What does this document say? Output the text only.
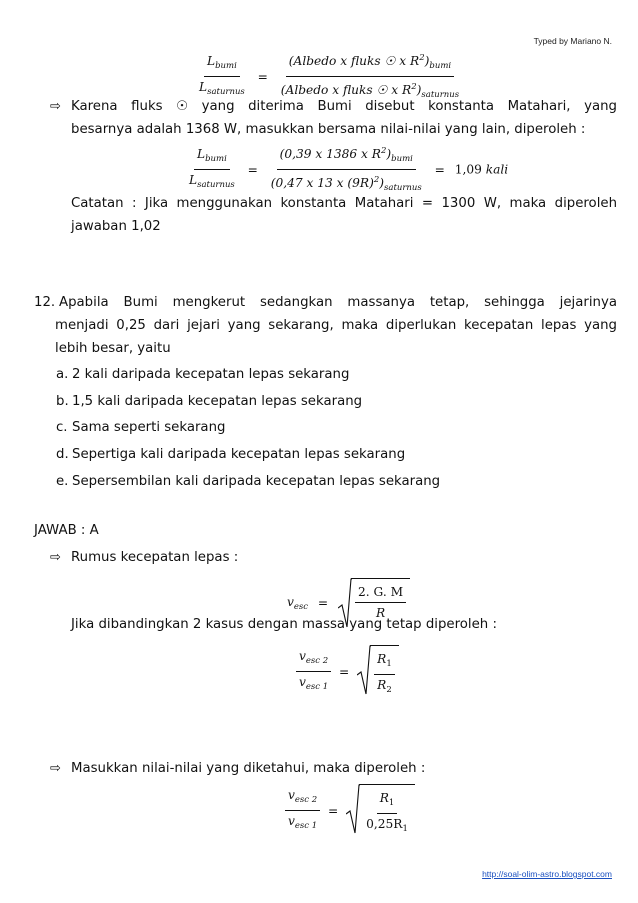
Typed by Mariano N.
http://soal-olim-astro.blogspot.com
$\frac{L_{bumi}}{L_{saturnus}} = \frac{(Albedo x fluks ☉ x R^2)_{bumi}}{(Albedo x fluks ☉ x R^2)_{saturnus}}$
⇨ Karena fluks ☉ yang diterima Bumi disebut konstanta Matahari, yang
besarnya adalah 1368 W, masukkan bersama nilai-nilai yang lain, diperoleh :
$\frac{L_{bumi}}{L_{saturnus}} = \frac{(0,39 x 1386 x R^2)_{bumi}}{(0,47 x 13 x (9R)^2)_{saturnus}} = 1,09$ kali
Catatan : Jika menggunakan konstanta Matahari = 1300 W, maka diperoleh
jawaban 1,02
12. Apabila Bumi mengkerut sedangkan massanya tetap, sehingga jejarinya
menjadi 0,25 dari jejari yang sekarang, maka diperlukan kecepatan lepas yang
lebih besar, yaitu
a. 2 kali daripada kecepatan lepas sekarang
b. 1,5 kali daripada kecepatan lepas sekarang
c. Sama seperti sekarang
d. Sepertiga kali daripada kecepatan lepas sekarang
e. Sepersembilan kali daripada kecepatan lepas sekarang
JAWAB : A
⇨ Rumus kecepatan lepas :
$v_{esc} = \frac{2. G. M}{R}$
Jika dibandingkan 2 kasus dengan massa yang tetap diperoleh :
$\frac{v_{esc 2}}{v_{esc 1}} = \frac{R_1}{R_2}$
⇨ Masukkan nilai-nilai yang diketahui, maka diperoleh :
$\frac{v_{esc 2}}{v_{esc 1}} = \frac{R_1}{0,25R_1}$
